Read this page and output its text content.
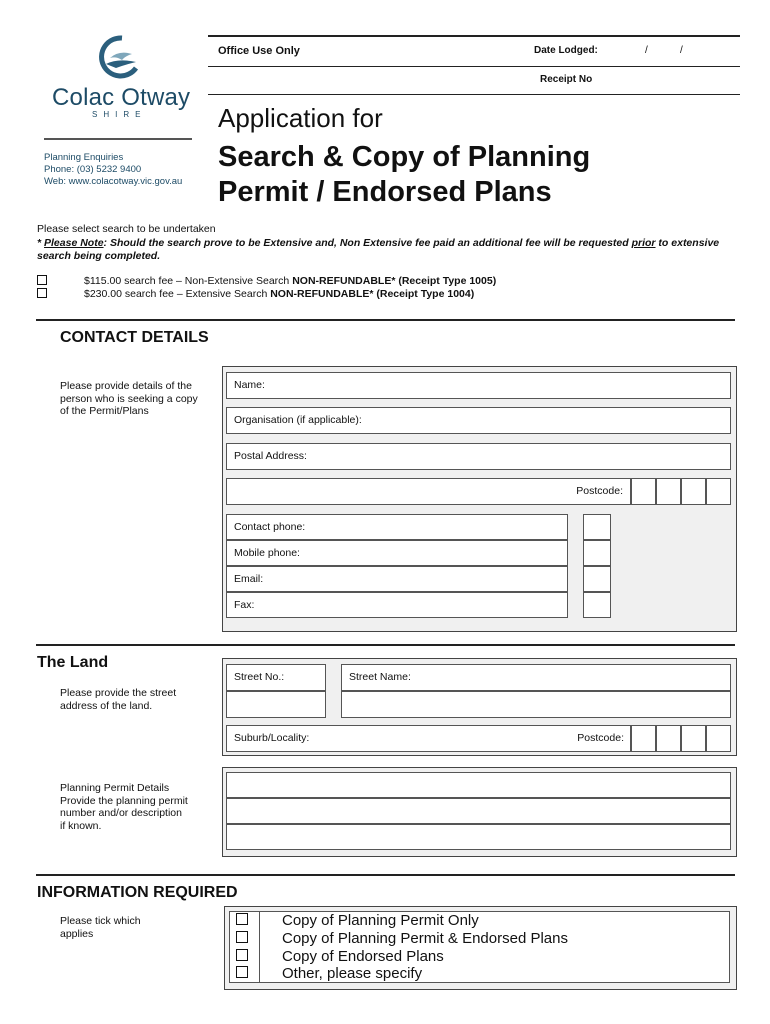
Colac Otway
SHIRE
Planning Enquiries
Phone: (03) 5232 9400
Web: www.colacotway.vic.gov.au
Office Use Only	Date Lodged:	/	/
Receipt No
Application for
Search & Copy of Planning
Permit / Endorsed Plans
Please select search to be undertaken
* Please Note: Should the search prove to be Extensive and, Non Extensive fee paid an additional fee will be requested prior to extensive search being completed.
$115.00 search fee – Non-Extensive Search NON-REFUNDABLE* (Receipt Type 1005)
$230.00 search fee – Extensive Search NON-REFUNDABLE* (Receipt Type 1004)
CONTACT DETAILS
Please provide details of the person who is seeking a copy of the Permit/Plans
Name:
Organisation (if applicable):
Postal Address:
Postcode:
Contact phone:
Mobile phone:
Email:
Fax:
The Land
Please provide the street address of the land.
Street No.:	Street Name:
Suburb/Locality:	Postcode:
Planning Permit Details Provide the planning permit number and/or description if known.
INFORMATION REQUIRED
Please tick which applies
Copy of Planning Permit Only
Copy of Planning Permit & Endorsed Plans
Copy of Endorsed Plans
Other, please specify
